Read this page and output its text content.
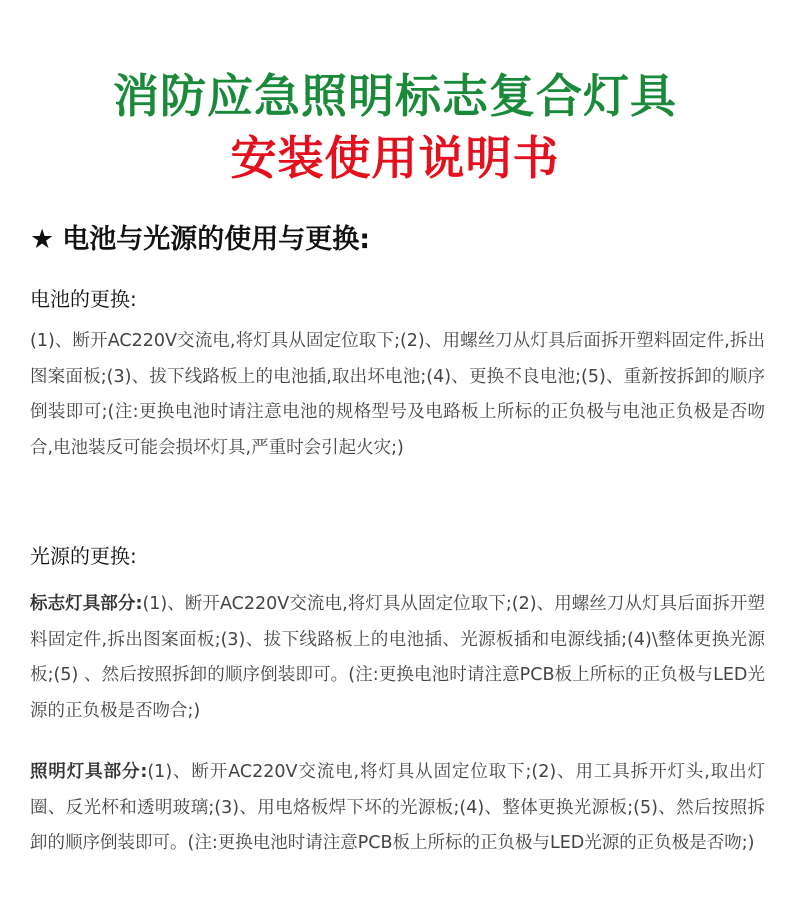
消防应急照明标志复合灯具
安装使用说明书
★ 电池与光源的使用与更换:
电池的更换:
(1)、断开AC220V交流电,将灯具从固定位取下;(2)、用螺丝刀从灯具后面拆开塑料固定件,拆出图案面板;(3)、拔下线路板上的电池插,取出坏电池;(4)、更换不良电池;(5)、重新按拆卸的顺序倒装即可;(注:更换电池时请注意电池的规格型号及电路板上所标的正负极与电池正负极是否吻合,电池装反可能会损坏灯具,严重时会引起火灾;)
光源的更换:
标志灯具部分:(1)、断开AC220V交流电,将灯具从固定位取下;(2)、用螺丝刀从灯具后面拆开塑料固定件,拆出图案面板;(3)、拔下线路板上的电池插、光源板插和电源线插;(4)\整体更换光源板;(5) 、然后按照拆卸的顺序倒装即可。(注:更换电池时请注意PCB板上所标的正负极与LED光源的正负极是否吻合;)
照明灯具部分:(1)、断开AC220V交流电,将灯具从固定位取下;(2)、用工具拆开灯头,取出灯圈、反光杯和透明玻璃;(3)、用电烙板焊下坏的光源板;(4)、整体更换光源板;(5)、然后按照拆卸的顺序倒装即可。(注:更换电池时请注意PCB板上所标的正负极与LED光源的正负极是否吻;)
